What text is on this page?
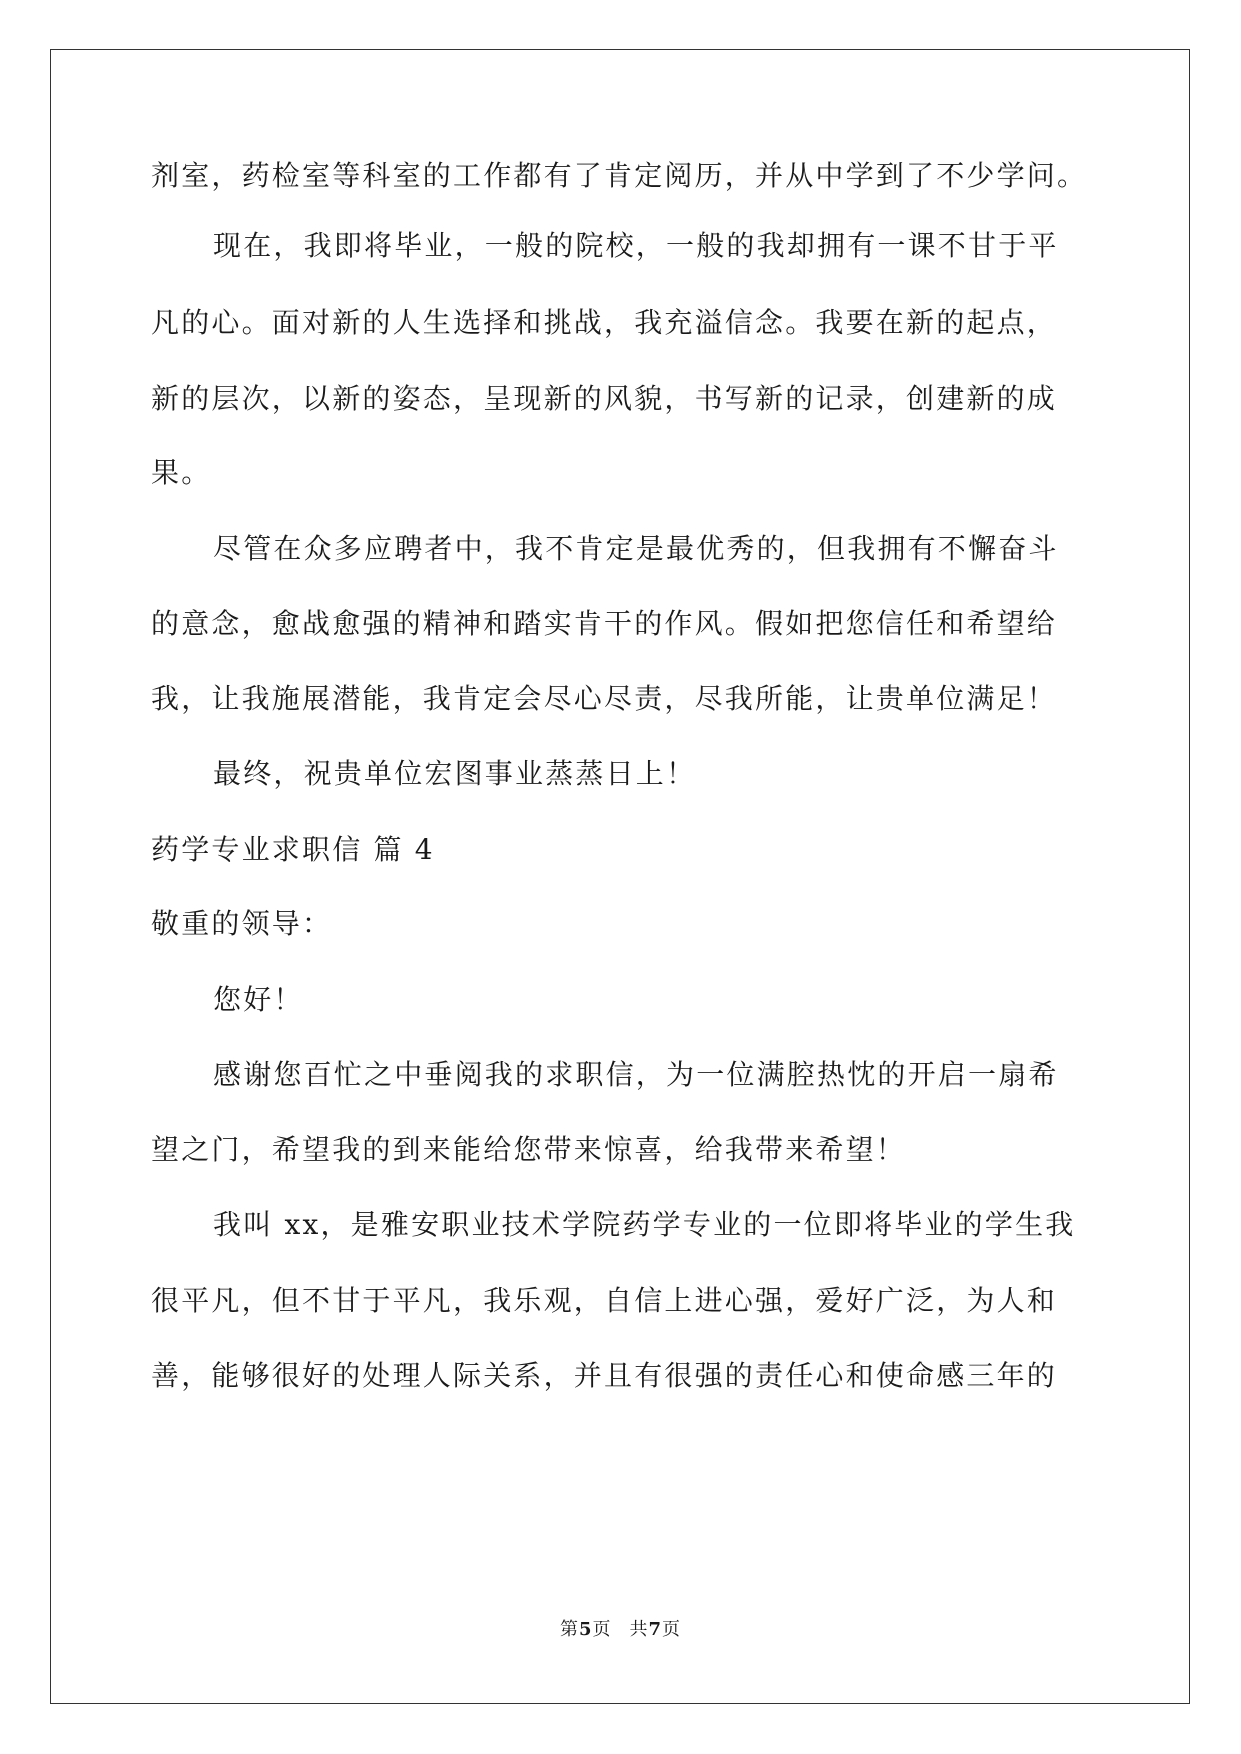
剂室，药检室等科室的工作都有了肯定阅历，并从中学到了不少学问。
现在，我即将毕业，一般的院校，一般的我却拥有一课不甘于平
凡的心。面对新的人生选择和挑战，我充溢信念。我要在新的起点，
新的层次，以新的姿态，呈现新的风貌，书写新的记录，创建新的成
果。
尽管在众多应聘者中，我不肯定是最优秀的，但我拥有不懈奋斗
的意念，愈战愈强的精神和踏实肯干的作风。假如把您信任和希望给
我，让我施展潜能，我肯定会尽心尽责，尽我所能，让贵单位满足！
最终，祝贵单位宏图事业蒸蒸日上！
药学专业求职信 篇 4
敬重的领导：
您好！
感谢您百忙之中垂阅我的求职信，为一位满腔热忱的开启一扇希
望之门，希望我的到来能给您带来惊喜，给我带来希望！
我叫 xx，是雅安职业技术学院药学专业的一位即将毕业的学生我
很平凡，但不甘于平凡，我乐观，自信上进心强，爱好广泛，为人和
善，能够很好的处理人际关系，并且有很强的责任心和使命感三年的
第5页 共7页
